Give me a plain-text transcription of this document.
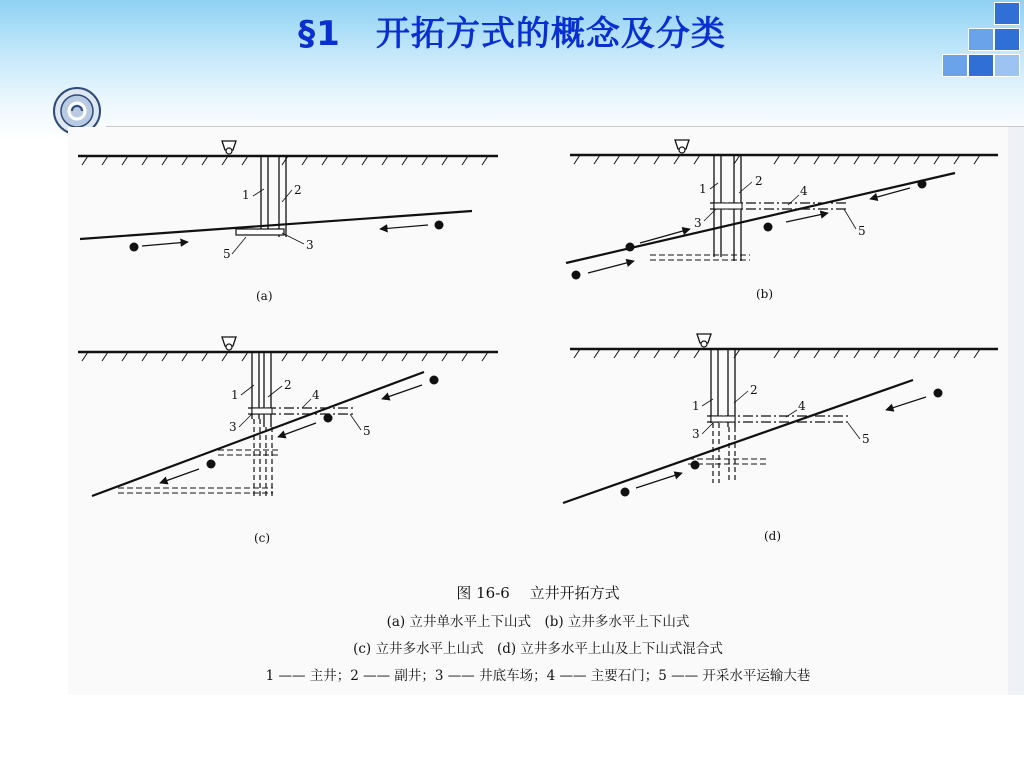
§1　开拓方式的概念及分类
1	2
3
5
(a)
1
2
3
4
5
(b)
1
2
3
4
5
(c)
1
2
3
4
5
(d)
图 16-6　 立井开拓方式
(a) 立井单水平上下山式　(b) 立井多水平上下山式
(c) 立井多水平上山式　(d) 立井多水平上山及上下山式混合式
1 —— 主井；2 —— 副井；3 —— 井底车场；4 —— 主要石门；5 —— 开采水平运输大巷
